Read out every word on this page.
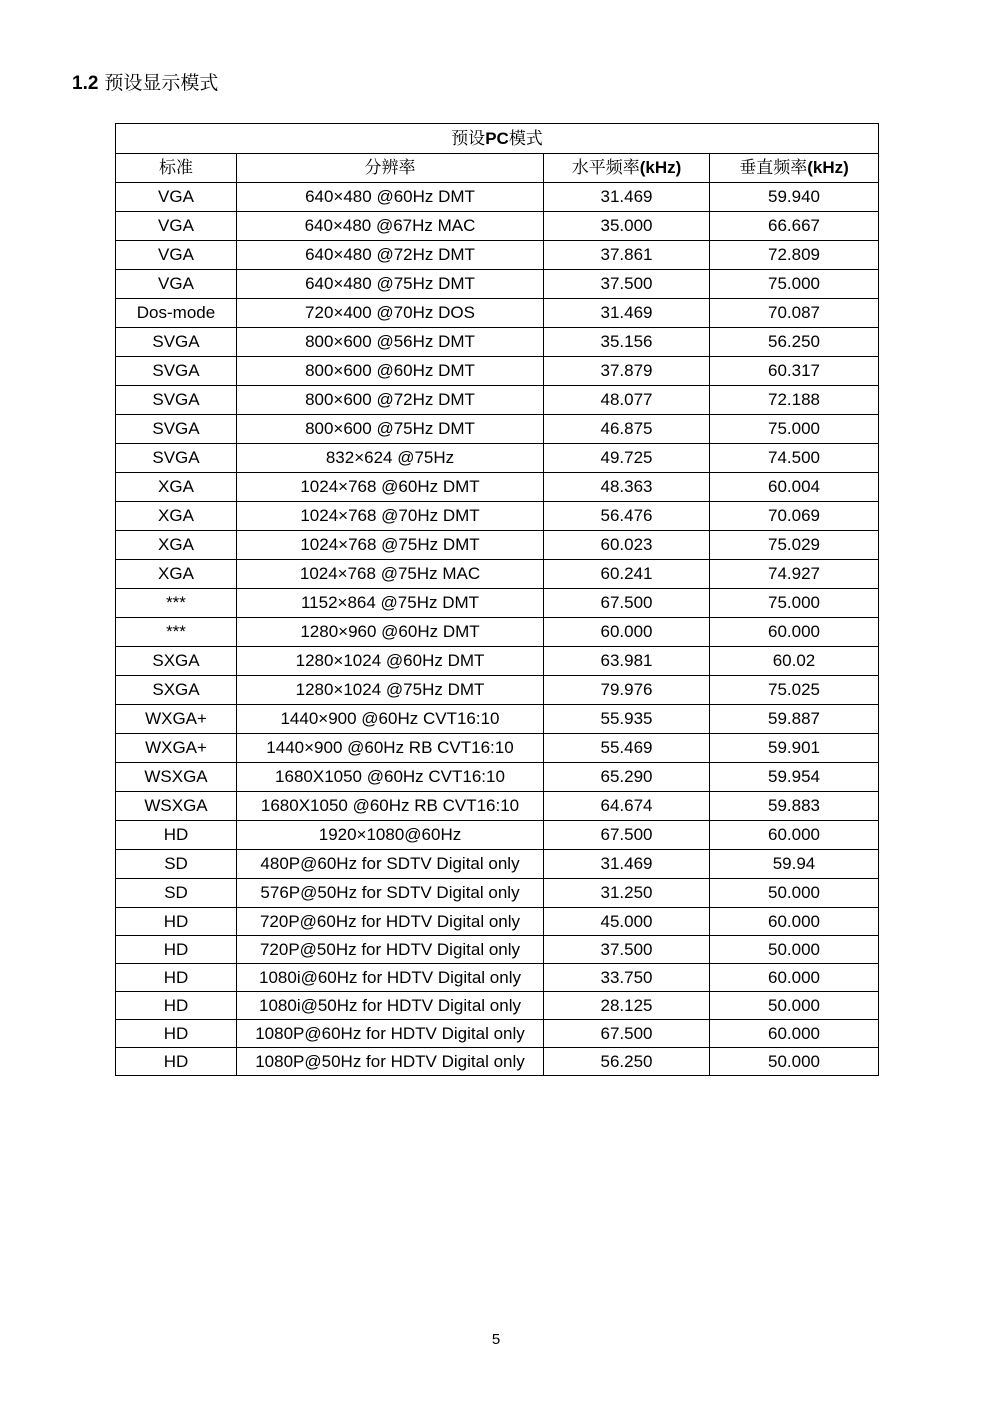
1.2 预设显示模式
预设PC模式			
标准	分辨率	水平频率(kHz)	垂直频率(kHz)
VGA	640×480 @60Hz DMT	31.469	59.940
VGA	640×480 @67Hz MAC	35.000	66.667
VGA	640×480 @72Hz DMT	37.861	72.809
VGA	640×480 @75Hz DMT	37.500	75.000
Dos-mode	720×400 @70Hz DOS	31.469	70.087
SVGA	800×600 @56Hz DMT	35.156	56.250
SVGA	800×600 @60Hz DMT	37.879	60.317
SVGA	800×600 @72Hz DMT	48.077	72.188
SVGA	800×600 @75Hz DMT	46.875	75.000
SVGA	832×624 @75Hz	49.725	74.500
XGA	1024×768 @60Hz DMT	48.363	60.004
XGA	1024×768 @70Hz DMT	56.476	70.069
XGA	1024×768 @75Hz DMT	60.023	75.029
XGA	1024×768 @75Hz MAC	60.241	74.927
***	1152×864 @75Hz DMT	67.500	75.000
***	1280×960 @60Hz DMT	60.000	60.000
SXGA	1280×1024 @60Hz DMT	63.981	60.02
SXGA	1280×1024 @75Hz DMT	79.976	75.025
WXGA+	1440×900 @60Hz CVT16:10	55.935	59.887
WXGA+	1440×900 @60Hz RB CVT16:10	55.469	59.901
WSXGA	1680X1050 @60Hz CVT16:10	65.290	59.954
WSXGA	1680X1050 @60Hz RB CVT16:10	64.674	59.883
HD	1920×1080@60Hz	67.500	60.000
SD	480P@60Hz for SDTV Digital only	31.469	59.94
SD	576P@50Hz for SDTV Digital only	31.250	50.000
HD	720P@60Hz for HDTV Digital only	45.000	60.000
HD	720P@50Hz for HDTV Digital only	37.500	50.000
HD	1080i@60Hz for HDTV Digital only	33.750	60.000
HD	1080i@50Hz for HDTV Digital only	28.125	50.000
HD	1080P@60Hz for HDTV Digital only	67.500	60.000
HD	1080P@50Hz for HDTV Digital only	56.250	50.000
5
